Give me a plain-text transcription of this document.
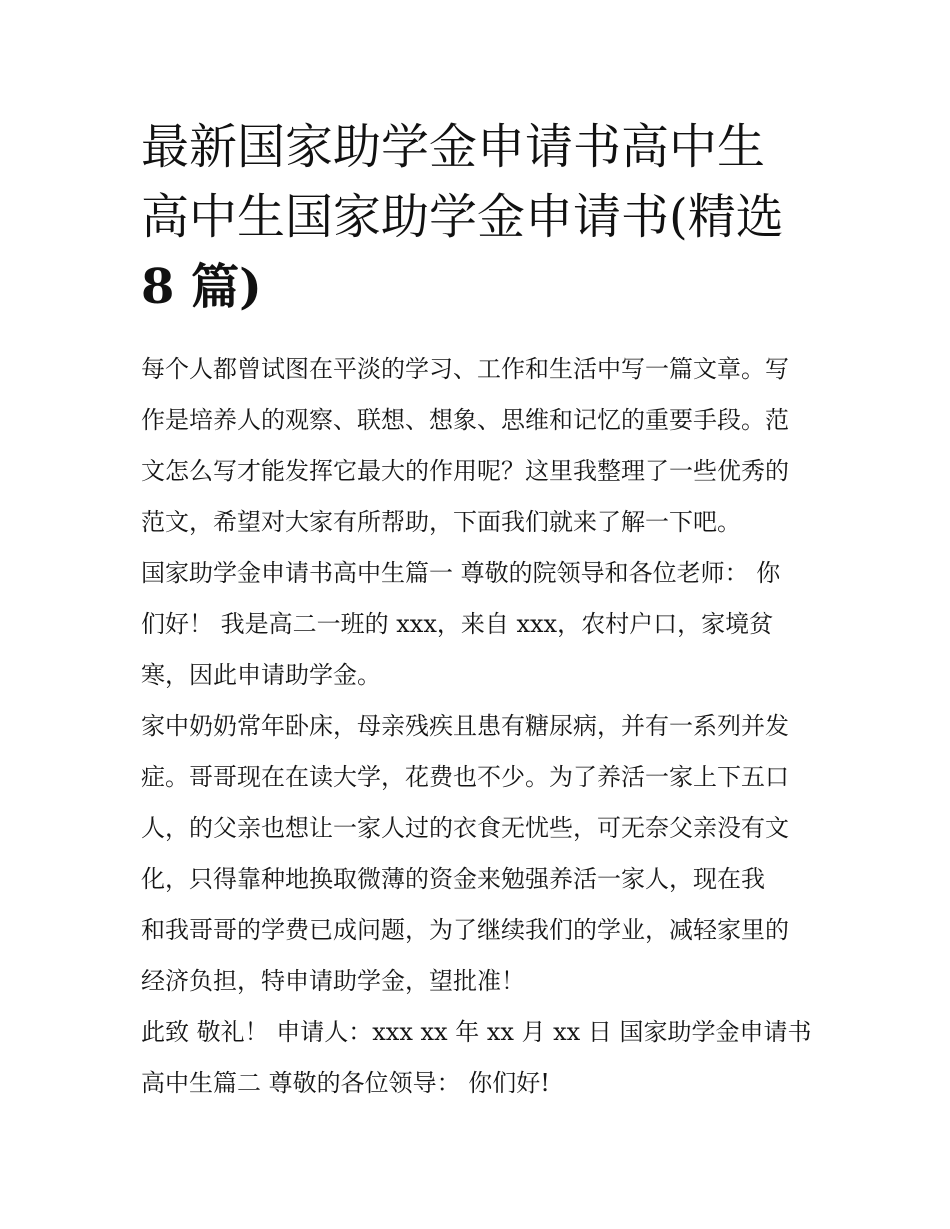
最新国家助学金申请书高中生
高中生国家助学金申请书(精选
8 篇)

每个人都曾试图在平淡的学习、工作和生活中写一篇文章。写
作是培养人的观察、联想、想象、思维和记忆的重要手段。范
文怎么写才能发挥它最大的作用呢？这里我整理了一些优秀的
范文，希望对大家有所帮助，下面我们就来了解一下吧。

国家助学金申请书高中生篇一 尊敬的院领导和各位老师： 你
们好！ 我是高二一班的 xxx，来自 xxx，农村户口，家境贫
寒，因此申请助学金。

家中奶奶常年卧床，母亲残疾且患有糖尿病，并有一系列并发
症。哥哥现在在读大学，花费也不少。为了养活一家上下五口
人，的父亲也想让一家人过的衣食无忧些，可无奈父亲没有文
化，只得靠种地换取微薄的资金来勉强养活一家人，现在我
和我哥哥的学费已成问题，为了继续我们的学业，减轻家里的
经济负担，特申请助学金，望批准！

此致 敬礼！ 申请人：xxx xx 年 xx 月 xx 日 国家助学金申请书
高中生篇二 尊敬的各位领导： 你们好!
